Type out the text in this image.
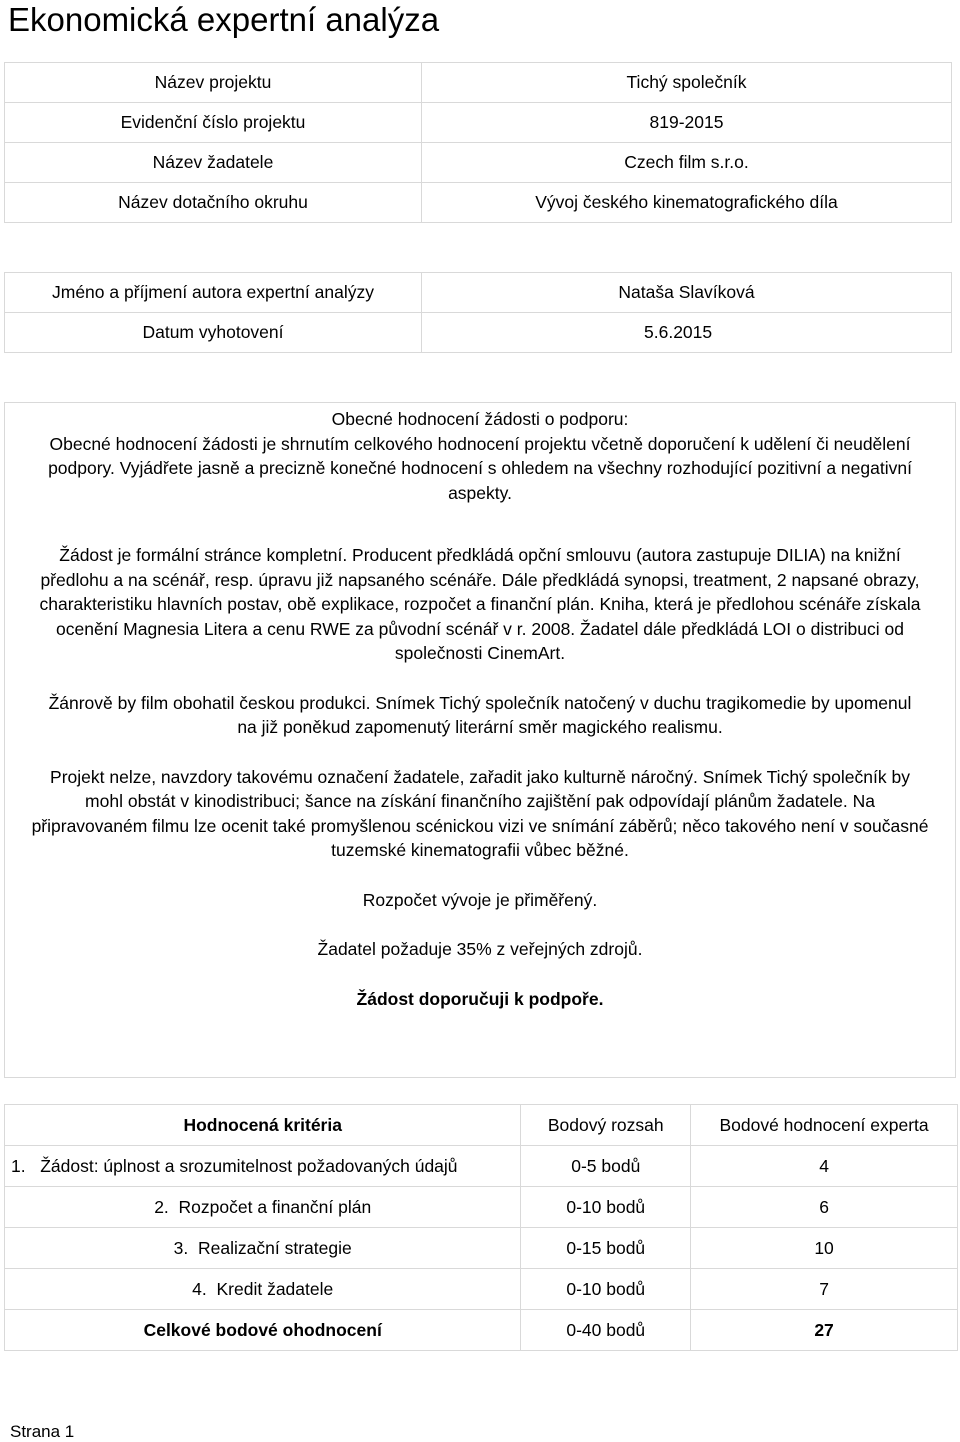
Ekonomická expertní analýza
Název projektu	Tichý společník
Evidenční číslo projektu	819-2015
Název žadatele	Czech film s.r.o.
Název dotačního okruhu	Vývoj českého kinematografického díla
Jméno a příjmení autora expertní analýzy	Nataša Slavíková
Datum vyhotovení	5.6.2015

Obecné hodnocení žádosti o podporu:

Obecné hodnocení žádosti je shrnutím celkového hodnocení projektu včetně doporučení k udělení či neudělení podpory. Vyjádřete jasně a precizně konečné hodnocení s ohledem na všechny rozhodující pozitivní a negativní aspekty.

Žádost je formální stránce kompletní. Producent předkládá opční smlouvu (autora zastupuje DILIA) na knižní předlohu a na scénář, resp. úpravu již napsaného scénáře. Dále předkládá synopsi, treatment, 2 napsané obrazy, charakteristiku hlavních postav, obě explikace, rozpočet a finanční plán. Kniha, která je předlohou scénáře získala ocenění Magnesia Litera a cenu RWE za původní scénář v r. 2008. Žadatel dále předkládá LOI o distribuci od společnosti CinemArt.

Žánrově by film obohatil českou produkci. Snímek Tichý společník natočený v duchu tragikomedie by upomenul na již poněkud zapomenutý literární směr magického realismu.

Projekt nelze, navzdory takovému označení žadatele, zařadit jako kulturně náročný. Snímek Tichý společník by mohl obstát v kinodistribuci; šance na získání finančního zajištění pak odpovídají plánům žadatele. Na připravovaném filmu lze ocenit také promyšlenou scénickou vizi ve snímání záběrů; něco takového není v současné tuzemské kinematografii vůbec běžné.

Rozpočet vývoje je přiměřený.

Žadatel požaduje 35% z veřejných zdrojů.

Žádost doporučuji k podpoře.

Hodnocená kritéria	Bodový rozsah	Bodové hodnocení experta
1. Žádost: úplnost a srozumitelnost požadovaných údajů	0-5 bodů	4
2. Rozpočet a finanční plán	0-10 bodů	6
3. Realizační strategie	0-15 bodů	10
4. Kredit žadatele	0-10 bodů	7
Celkové bodové ohodnocení	0-40 bodů	27
Strana 1
